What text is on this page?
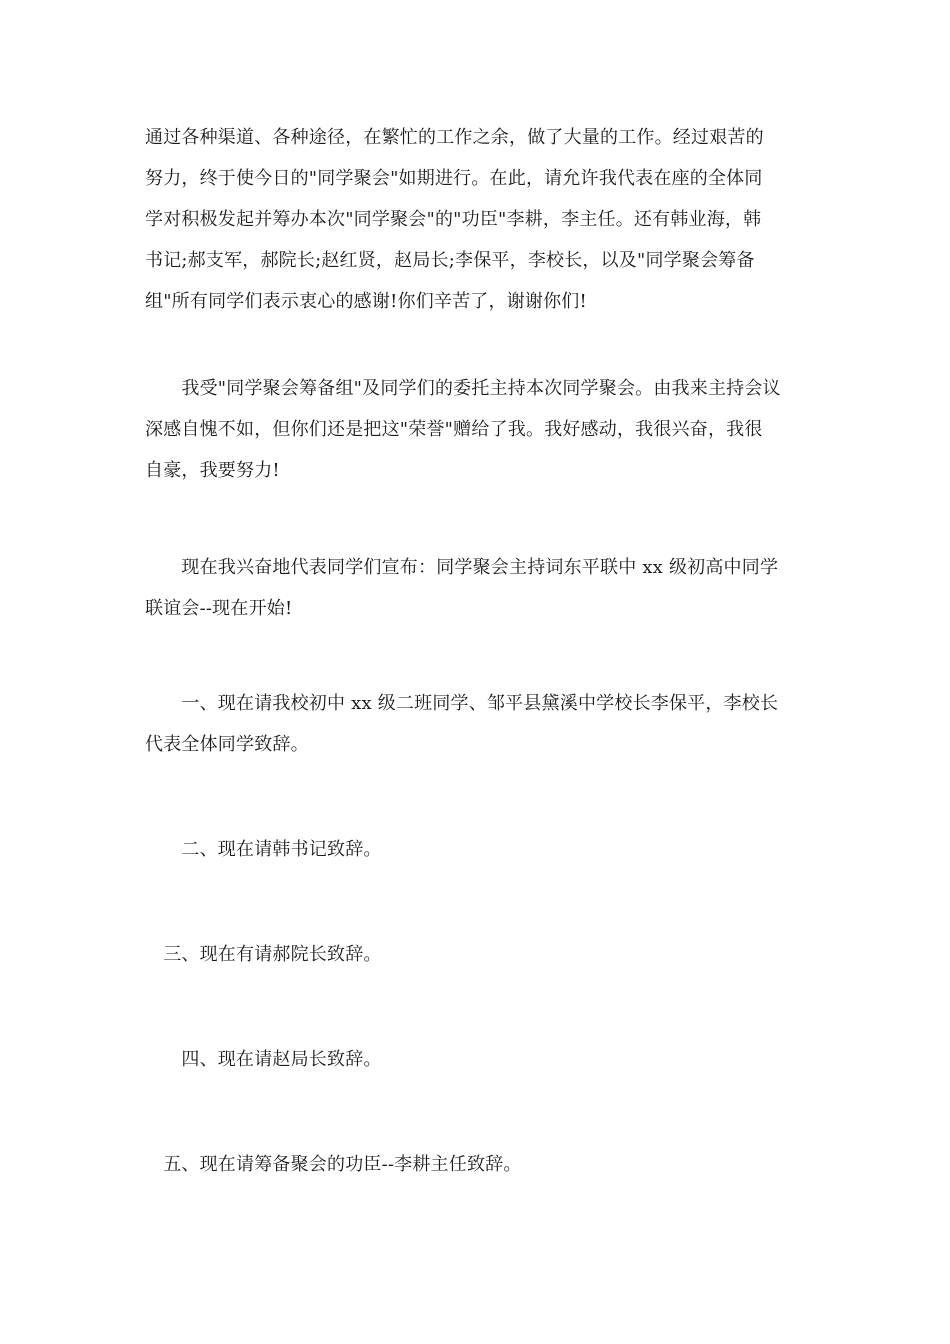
通过各种渠道、各种途径，在繁忙的工作之余，做了大量的工作。经过艰苦的
努力，终于使今日的"同学聚会"如期进行。在此，请允许我代表在座的全体同
学对积极发起并筹办本次"同学聚会"的"功臣"李耕，李主任。还有韩业海，韩
书记;郝支军，郝院长;赵红贤，赵局长;李保平，李校长，以及"同学聚会筹备
组"所有同学们表示衷心的感谢!你们辛苦了，谢谢你们!

　　我受"同学聚会筹备组"及同学们的委托主持本次同学聚会。由我来主持会议
深感自愧不如，但你们还是把这"荣誉"赠给了我。我好感动，我很兴奋，我很
自豪，我要努力!

　　现在我兴奋地代表同学们宣布：同学聚会主持词东平联中 xx 级初高中同学
联谊会--现在开始!

　　一、现在请我校初中 xx 级二班同学、邹平县黛溪中学校长李保平，李校长
代表全体同学致辞。

　　二、现在请韩书记致辞。

　三、现在有请郝院长致辞。

　　四、现在请赵局长致辞。

　五、现在请筹备聚会的功臣--李耕主任致辞。
